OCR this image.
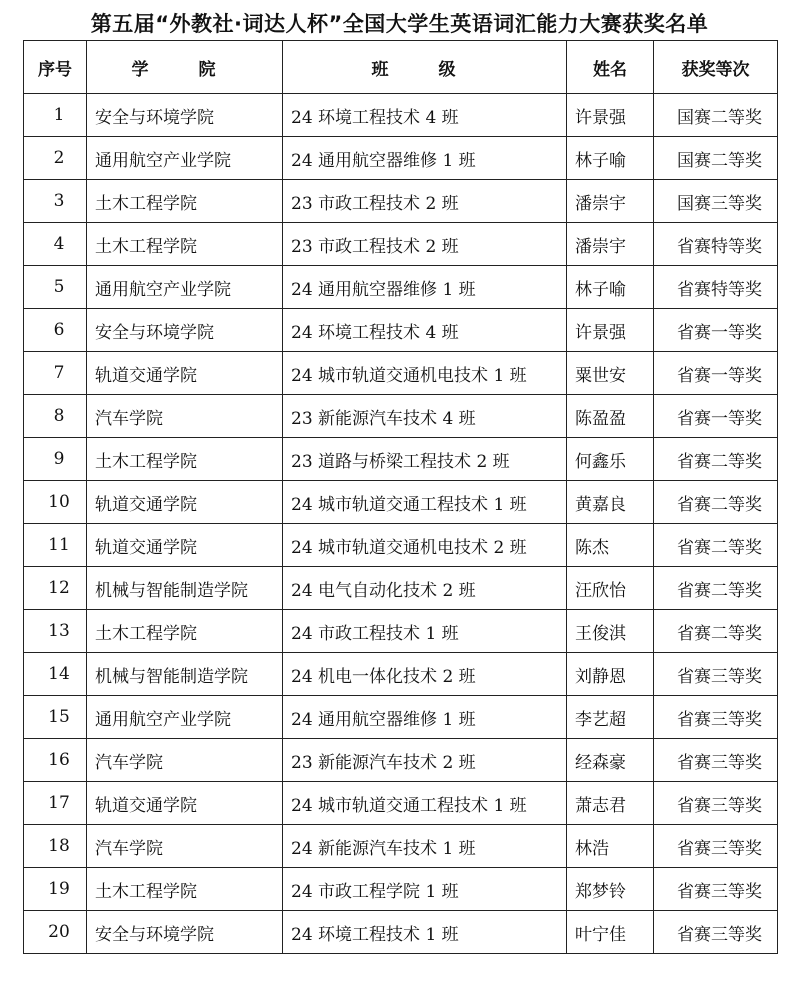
第五届“外教社·词达人杯”全国大学生英语词汇能力大赛获奖名单
序号	学 院	班 级	姓名	获奖等次
1	安全与环境学院	24 环境工程技术 4 班	许景强	国赛二等奖
2	通用航空产业学院	24 通用航空器维修 1 班	林子喻	国赛二等奖
3	土木工程学院	23 市政工程技术 2 班	潘崇宇	国赛三等奖
4	土木工程学院	23 市政工程技术 2 班	潘崇宇	省赛特等奖
5	通用航空产业学院	24 通用航空器维修 1 班	林子喻	省赛特等奖
6	安全与环境学院	24 环境工程技术 4 班	许景强	省赛一等奖
7	轨道交通学院	24 城市轨道交通机电技术 1 班	粟世安	省赛一等奖
8	汽车学院	23 新能源汽车技术 4 班	陈盈盈	省赛一等奖
9	土木工程学院	23 道路与桥梁工程技术 2 班	何鑫乐	省赛二等奖
10	轨道交通学院	24 城市轨道交通工程技术 1 班	黄嘉良	省赛二等奖
11	轨道交通学院	24 城市轨道交通机电技术 2 班	陈杰	省赛二等奖
12	机械与智能制造学院	24 电气自动化技术 2 班	汪欣怡	省赛二等奖
13	土木工程学院	24 市政工程技术 1 班	王俊淇	省赛二等奖
14	机械与智能制造学院	24 机电一体化技术 2 班	刘静恩	省赛三等奖
15	通用航空产业学院	24 通用航空器维修 1 班	李艺超	省赛三等奖
16	汽车学院	23 新能源汽车技术 2 班	经森豪	省赛三等奖
17	轨道交通学院	24 城市轨道交通工程技术 1 班	萧志君	省赛三等奖
18	汽车学院	24 新能源汽车技术 1 班	林浩	省赛三等奖
19	土木工程学院	24 市政工程学院 1 班	郑梦铃	省赛三等奖
20	安全与环境学院	24 环境工程技术 1 班	叶宁佳	省赛三等奖
